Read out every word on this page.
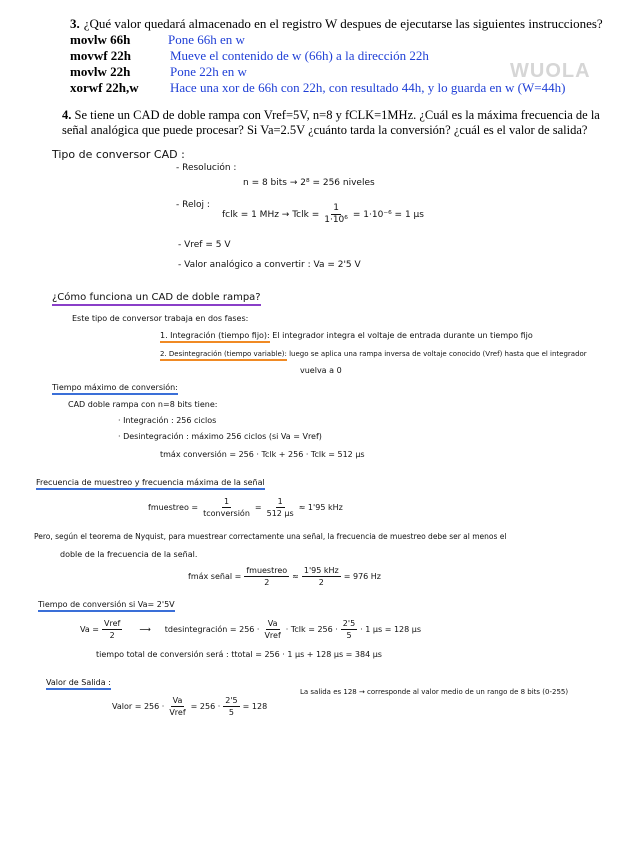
3. ¿Qué valor quedará almacenado en el registro W despues de ejecutarse las siguientes instrucciones?
movlw 66h	Pone 66h en w
movwf 22h	Mueve el contenido de w (66h) a la dirección 22h
movlw 22h	Pone 22h en w
xorwf 22h,w	Hace una xor de 66h con 22h, con resultado 44h, y lo guarda en w (W=44h)
WUOLA
4. Se tiene un CAD de doble rampa con Vref=5V, n=8 y fCLK=1MHz. ¿Cuál es la máxima frecuencia de la señal analógica que puede procesar? Si Va=2.5V ¿cuánto tarda la conversión? ¿cuál es el valor de salida?
Tipo de conversor CAD :
- Resolución :
n = 8 bits → 2⁸ = 256 niveles
- Reloj :
fclk = 1 MHz → Tclk = $\frac{1}{\text{1·10⁶}} = 1\cdot 10^{-6} = 1$ μs
- Vref = 5 V
- Valor analógico a convertir : Va = 2'5 V
¿Cómo funciona un CAD de doble rampa?
Este tipo de conversor trabaja en dos fases:
1. Integración (tiempo fijo): El integrador integra el voltaje de entrada durante un tiempo fijo
2. Desintegración (tiempo variable): luego se aplica una rampa inversa de voltaje conocido (Vref) hasta que el integrador
vuelva a 0
Tiempo máximo de conversión:
CAD doble rampa con n=8 bits tiene:
· Integración : 256 ciclos
· Desintegración : máximo 256 ciclos (si Va = Vref)
tmáx conversión = 256 · Tclk + 256 · Tclk = 512 μs
Frecuencia de muestreo y frecuencia máxima de la señal
fmuestreo = $\frac{1}{\text{tconversión}} = \frac{1}{512 \mu s} \approx 1'95$ kHz
Pero, según el teorema de Nyquist, para muestrear correctamente una señal, la frecuencia de muestreo debe ser al menos el
doble de la frecuencia de la señal.
fmáx señal = $\frac{\text{fmuestreo}}{2} \approx \frac{\text{1'95 kHz}}{2} = 976$ Hz
Tiempo de conversión si Va= 2'5V
$Va = \frac{\text{Vref}}{2}$ ⟶ tdesintegración = $256 \cdot \frac{Va}{\text{Vref}}$ · Tclk = $256 \cdot \frac{2'5}{5} \cdot 1$ μs = 128 μs
tiempo total de conversión será : ttotal = 256 · 1 μs + 128 μs = 384 μs
Valor de Salida :
Valor = $256 \cdot \frac{Va}{\text{Vref}} = 256 \cdot \frac{2'5}{5} = 128$
La salida es 128 → corresponde al valor medio de un rango de 8 bits (0-255)
